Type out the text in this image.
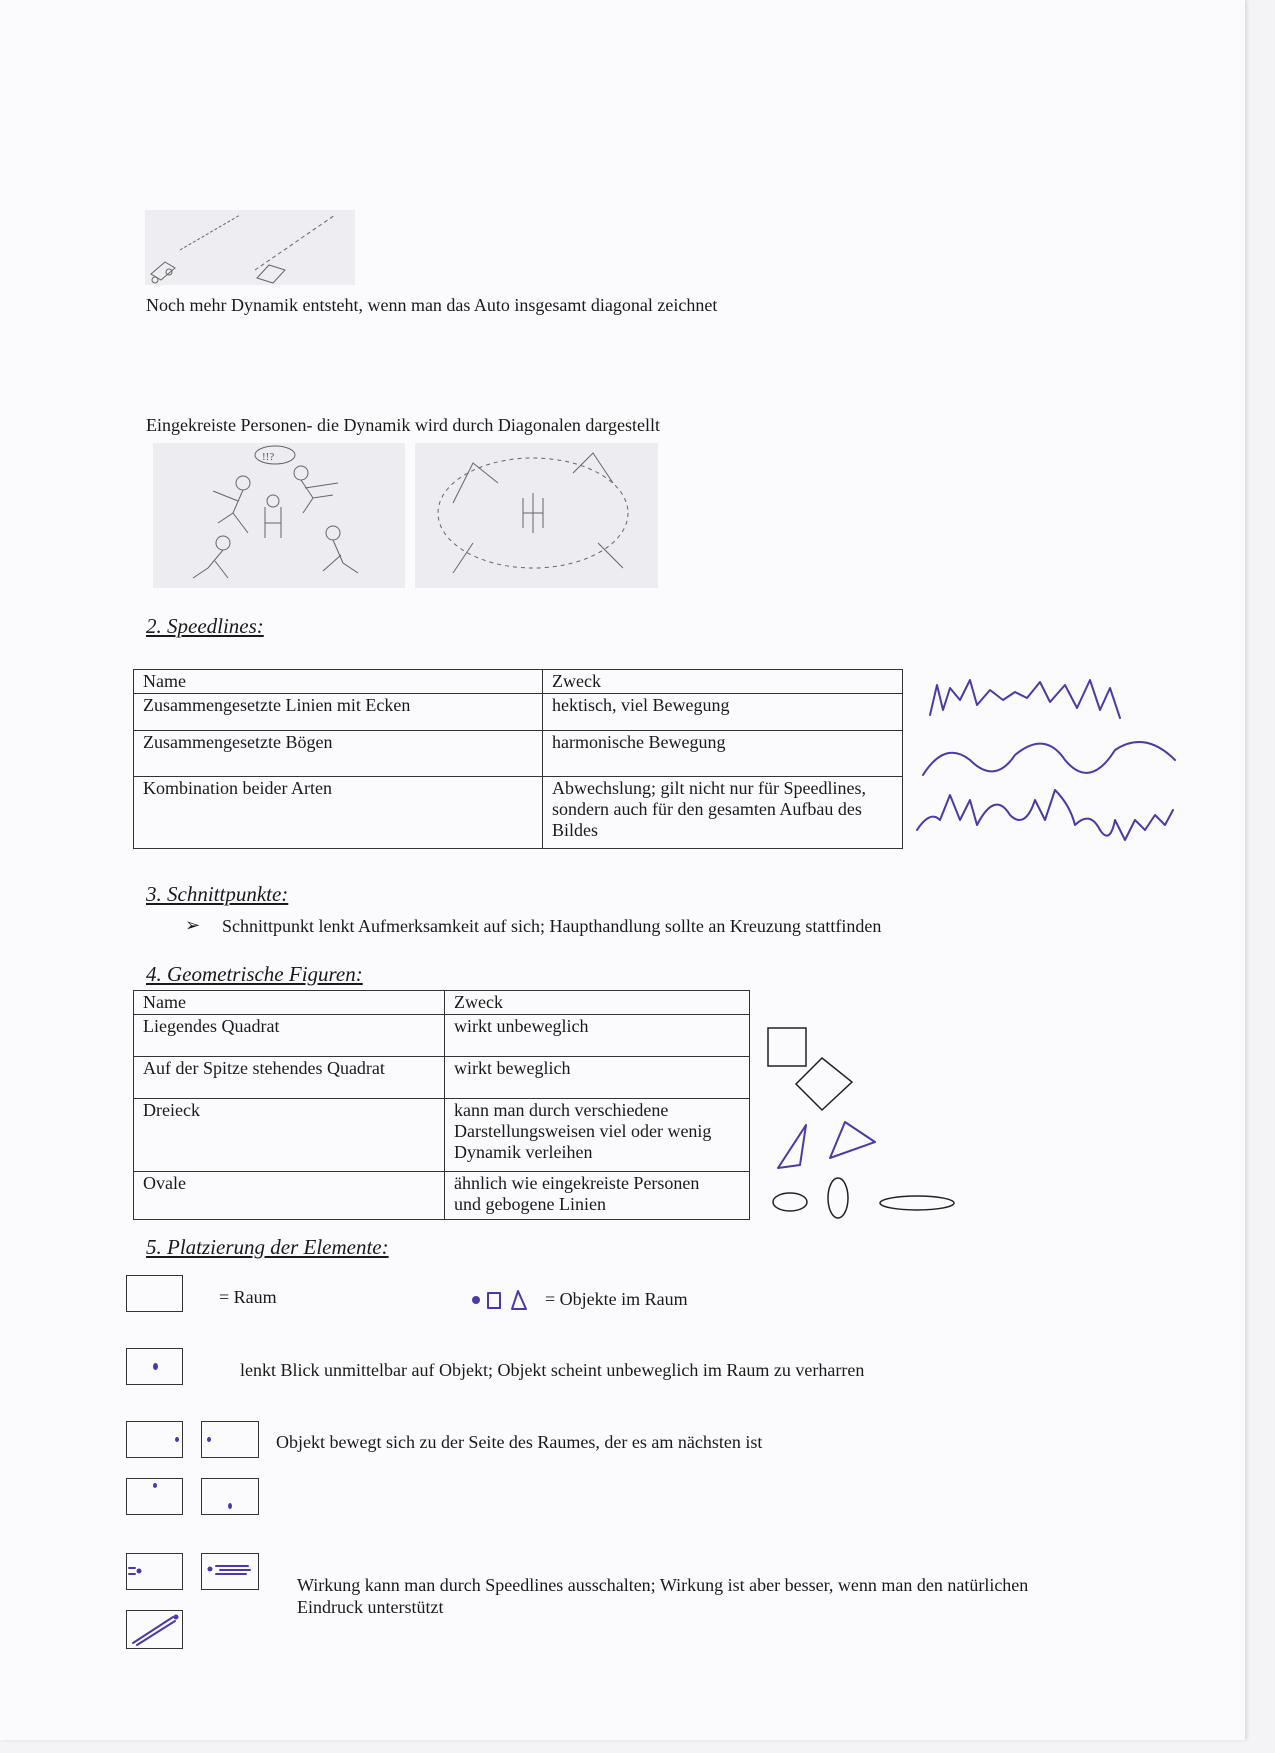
Noch mehr Dynamik entsteht, wenn man das Auto insgesamt diagonal zeichnet
Eingekreiste Personen- die Dynamik wird durch Diagonalen dargestellt
!!?
2. Speedlines:
Name	Zweck
Zusammengesetzte Linien mit Ecken	hektisch, viel Bewegung
Zusammengesetzte Bögen	harmonische Bewegung
Kombination beider Arten	Abwechslung; gilt nicht nur für Speedlines, sondern auch für den gesamten Aufbau des Bildes
3. Schnittpunkte:
➢ Schnittpunkt lenkt Aufmerksamkeit auf sich; Haupthandlung sollte an Kreuzung stattfinden
4. Geometrische Figuren:
Name	Zweck
Liegendes Quadrat	wirkt unbeweglich
Auf der Spitze stehendes Quadrat	wirkt beweglich
Dreieck	kann man durch verschiedene Darstellungsweisen viel oder wenig Dynamik verleihen
Ovale	ähnlich wie eingekreiste Personen und gebogene Linien
5. Platzierung der Elemente:
= Raum	= Objekte im Raum
lenkt Blick unmittelbar auf Objekt; Objekt scheint unbeweglich im Raum zu verharren
Objekt bewegt sich zu der Seite des Raumes, der es am nächsten ist
Wirkung kann man durch Speedlines ausschalten; Wirkung ist aber besser, wenn man den natürlichen Eindruck unterstützt
